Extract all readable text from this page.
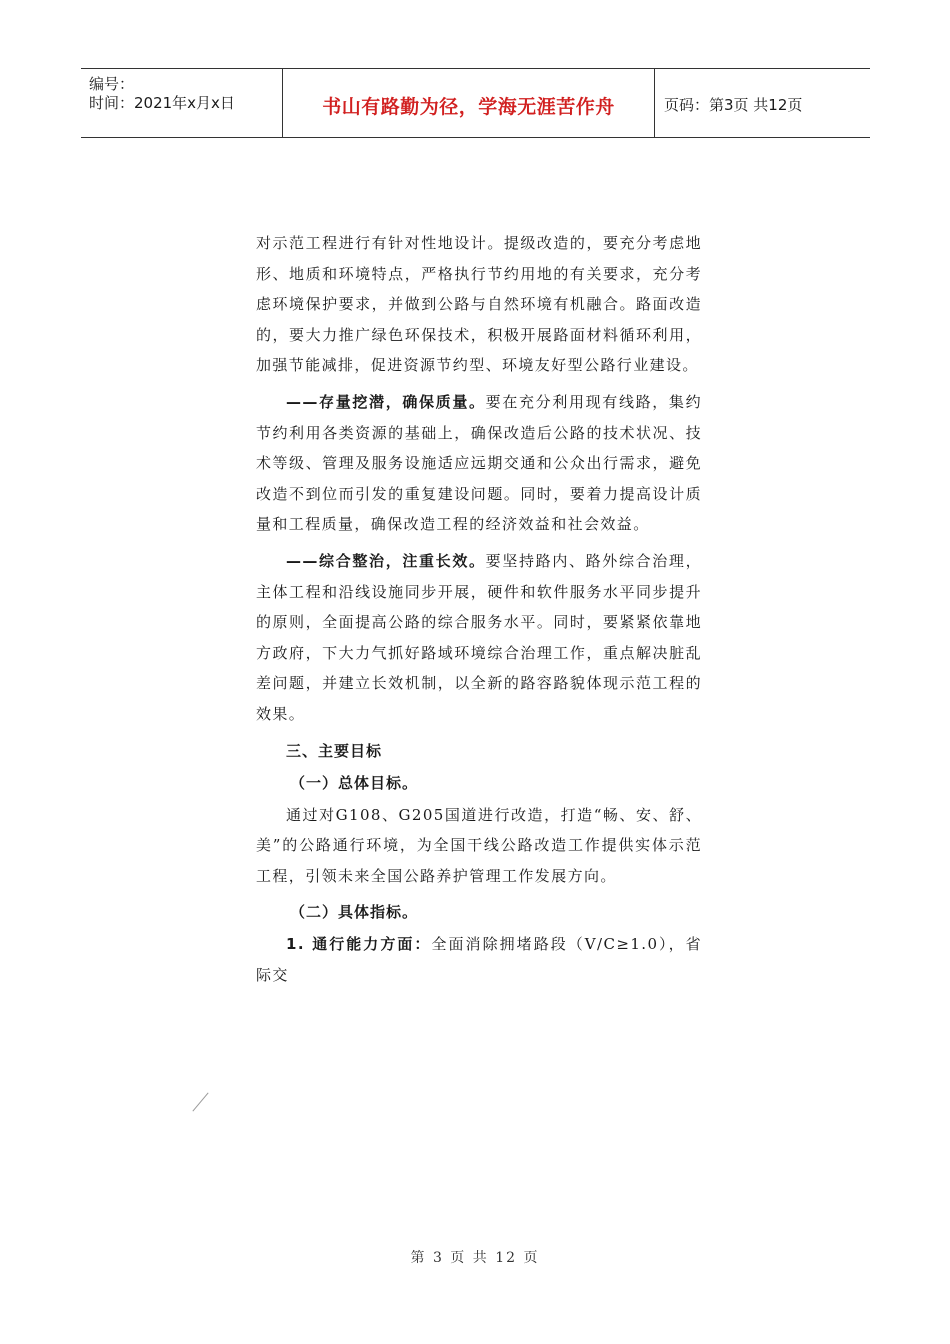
编号：
时间：2021年x月x日	书山有路勤为径，学海无涯苦作舟	页码：第3页 共12页

对示范工程进行有针对性地设计。提级改造的，要充分考虑地形、地质和环境特点，严格执行节约用地的有关要求，充分考虑环境保护要求，并做到公路与自然环境有机融合。路面改造的，要大力推广绿色环保技术，积极开展路面材料循环利用，加强节能减排，促进资源节约型、环境友好型公路行业建设。

——存量挖潜，确保质量。要在充分利用现有线路，集约节约利用各类资源的基础上，确保改造后公路的技术状况、技术等级、管理及服务设施适应远期交通和公众出行需求，避免改造不到位而引发的重复建设问题。同时，要着力提高设计质量和工程质量，确保改造工程的经济效益和社会效益。

——综合整治，注重长效。要坚持路内、路外综合治理，主体工程和沿线设施同步开展，硬件和软件服务水平同步提升的原则，全面提高公路的综合服务水平。同时，要紧紧依靠地方政府，下大力气抓好路域环境综合治理工作，重点解决脏乱差问题，并建立长效机制，以全新的路容路貌体现示范工程的效果。

三、主要目标
（一）总体目标。

通过对G108、G205国道进行改造，打造“畅、安、舒、美”的公路通行环境，为全国干线公路改造工作提供实体示范工程，引领未来全国公路养护管理工作发展方向。

（二）具体指标。

1. 通行能力方面：全面消除拥堵路段（V/C≥1.0），省际交

第 3 页 共 12 页
